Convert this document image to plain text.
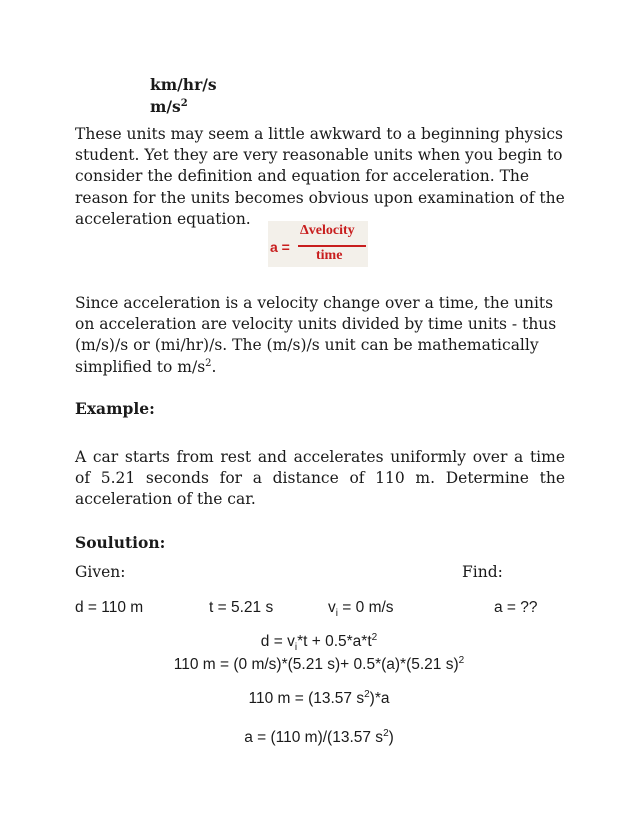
km/hr/s
$m/s^2$
These units may seem a little awkward to a beginning physics student. Yet they are very reasonable units when you begin to consider the definition and equation for acceleration. The reason for the units becomes obvious upon examination of the acceleration equation.
a =
Δvelocity
time
Since acceleration is a velocity change over a time, the units on acceleration are velocity units divided by time units - thus (m/s)/s or (mi/hr)/s. The (m/s)/s unit can be mathematically simplified to $m/s^2$.
Example:
A car starts from rest and accelerates uniformly over a time of 5.21 seconds for a distance of 110 m. Determine the acceleration of the car.
Soulution:
Given:	Find:
d = 110 m	t = 5.21 s	$v_i = 0$ m/s	a = ??
$d = v_i*t + 0.5*a*t^2$
110 m = (0 m/s)*(5.21 s)+ 0.5*(a)*(5.21 s)$^2$
110 m = (13.57 $s^2)*a$
a = (110 m)/(13.57 $s^2$)
